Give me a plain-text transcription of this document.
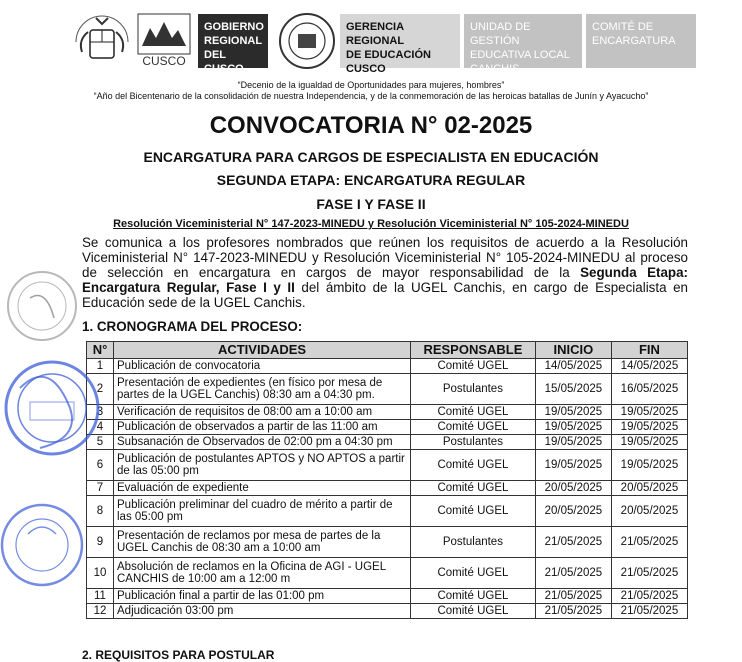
CUSCO
GOBIERNO
REGIONAL
DEL CUSCO
GERENCIA REGIONAL
DE EDUCACIÓN
CUSCO
UNIDAD DE GESTIÓN
EDUCATIVA LOCAL
CANCHIS
COMITÉ DE
ENCARGATURA
“Decenio de la igualdad de Oportunidades para mujeres, hombres”
“Año del Bicentenario de la consolidación de nuestra Independencia, y de la conmemoración de las heroicas batallas de Junín y Ayacucho”
CONVOCATORIA N° 02-2025
ENCARGATURA PARA CARGOS DE ESPECIALISTA EN EDUCACIÓN
SEGUNDA ETAPA: ENCARGATURA REGULAR
FASE I Y FASE II
Resolución Viceministerial N° 147-2023-MINEDU y Resolución Viceministerial N° 105-2024-MINEDU
Se comunica a los profesores nombrados que reúnen los requisitos de acuerdo a la Resolución Viceministerial N° 147-2023-MINEDU y Resolución Viceministerial N° 105-2024-MINEDU al proceso de selección en encargatura en cargos de mayor responsabilidad de la Segunda Etapa: Encargatura Regular, Fase I y II del ámbito de la UGEL Canchis, en cargo de Especialista en Educación sede de la UGEL Canchis.
1. CRONOGRAMA DEL PROCESO:
N°	ACTIVIDADES	RESPONSABLE	INICIO	FIN
1	Publicación de convocatoria	Comité UGEL	14/05/2025	14/05/2025
2	Presentación de expedientes (en físico por mesa de partes de la UGEL Canchis) 08:30 am a 04:30 pm.	Postulantes	15/05/2025	16/05/2025
3	Verificación de requisitos de 08:00 am a 10:00 am	Comité UGEL	19/05/2025	19/05/2025
4	Publicación de observados a partir de las 11:00 am	Comité UGEL	19/05/2025	19/05/2025
5	Subsanación de Observados de 02:00 pm a 04:30 pm	Postulantes	19/05/2025	19/05/2025
6	Publicación de postulantes APTOS y NO APTOS a partir de las 05:00 pm	Comité UGEL	19/05/2025	19/05/2025
7	Evaluación de expediente	Comité UGEL	20/05/2025	20/05/2025
8	Publicación preliminar del cuadro de mérito a partir de las 05:00 pm	Comité UGEL	20/05/2025	20/05/2025
9	Presentación de reclamos por mesa de partes de la UGEL Canchis de 08:30 am a 10:00 am	Postulantes	21/05/2025	21/05/2025
10	Absolución de reclamos en la Oficina de AGI - UGEL CANCHIS de 10:00 am a 12:00 m	Comité UGEL	21/05/2025	21/05/2025
11	Publicación final a partir de las 01:00 pm	Comité UGEL	21/05/2025	21/05/2025
12	Adjudicación 03:00 pm	Comité UGEL	21/05/2025	21/05/2025
2. REQUISITOS PARA POSTULAR
